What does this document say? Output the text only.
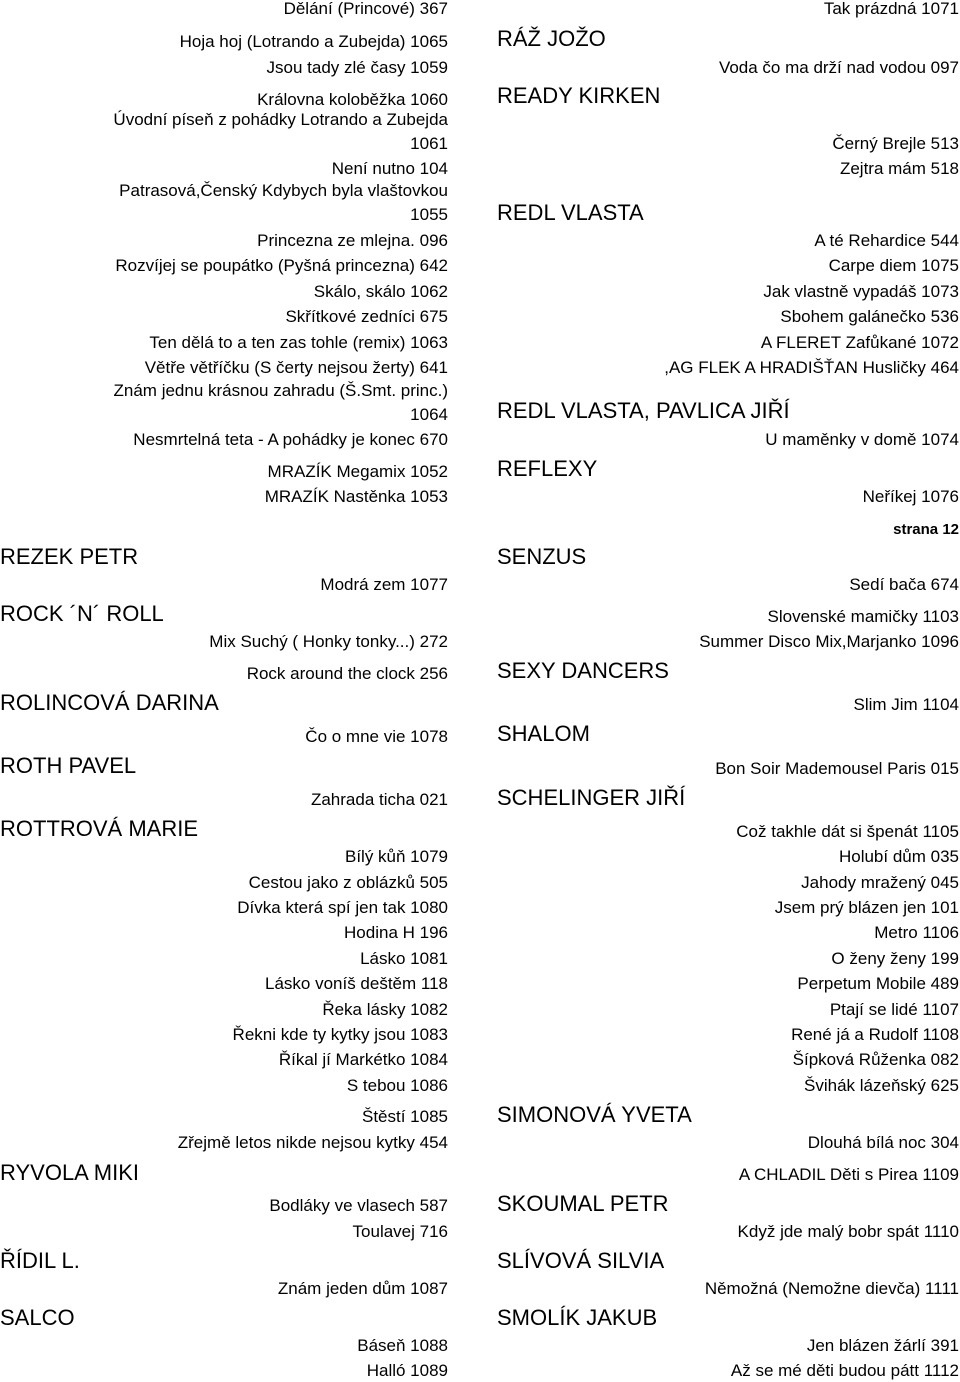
Dělání (Princové) 367
Hoja hoj (Lotrando a Zubejda) 1065
Jsou tady zlé časy 1059
Královna koloběžka 1060
Úvodní píseň z pohádky Lotrando a Zubejda
1061
Není nutno 104
Patrasová,Čenský Kdybych byla vlaštovkou
1055
Princezna ze mlejna. 096
Rozvíjej se poupátko (Pyšná princezna) 642
Skálo, skálo 1062
Skřítkové zedníci 675
Ten dělá to a ten zas tohle (remix) 1063
Větře větříčku (S čerty nejsou žerty) 641
Znám jednu krásnou zahradu (Š.Smt. princ.)
1064
Nesmrtelná teta - A pohádky je konec 670
MRAZÍK Megamix 1052
MRAZÍK Nastěnka 1053
REZEK PETR
Modrá zem 1077
ROCK ´N´ ROLL
Mix Suchý ( Honky tonky...) 272
Rock around the clock 256
ROLINCOVÁ DARINA
Čo o mne vie 1078
ROTH PAVEL
Zahrada ticha 021
ROTTROVÁ MARIE
Bílý kůň 1079
Cestou jako z oblázků 505
Dívka která spí jen tak 1080
Hodina H 196
Lásko 1081
Lásko voníš deštěm 118
Řeka lásky 1082
Řekni kde ty kytky jsou 1083
Říkal jí Markétko 1084
S tebou 1086
Štěstí 1085
Zřejmě letos nikde nejsou kytky 454
RYVOLA MIKI
Bodláky ve vlasech 587
Toulavej 716
ŘÍDIL L.
Znám jeden dům 1087
SALCO
Báseň 1088
Halló 1089
Tak prázdná 1071
RÁŽ JOŽO
Voda čo ma drží nad vodou 097
READY KIRKEN
Černý Brejle 513
Zejtra mám 518
REDL VLASTA
A té Rehardice 544
Carpe diem 1075
Jak vlastně vypadáš 1073
Sbohem galánečko 536
A FLERET Zafůkané 1072
,AG FLEK A HRADIŠŤAN Husličky 464
REDL VLASTA, PAVLICA JIŘÍ
U maměnky v domě 1074
REFLEXY
Neříkej 1076
strana 12
SENZUS
Sedí bača 674
Slovenské mamičky 1103
Summer Disco Mix,Marjanko 1096
SEXY DANCERS
Slim Jim 1104
SHALOM
Bon Soir Mademousel Paris 015
SCHELINGER JIŘÍ
Což takhle dát si špenát 1105
Holubí dům 035
Jahody mražený 045
Jsem prý blázen jen 101
Metro 1106
O ženy ženy 199
Perpetum Mobile 489
Ptají se lidé 1107
René já a Rudolf 1108
Šípková Růženka 082
Švihák lázeňský 625
SIMONOVÁ YVETA
Dlouhá bílá noc 304
A CHLADIL Děti s Pirea 1109
SKOUMAL PETR
Když jde malý bobr spát 1110
SLÍVOVÁ SILVIA
Němožná (Nemožne dievča) 1111
SMOLÍK JAKUB
Jen blázen žárlí 391
Až se mé děti budou pátt 1112
